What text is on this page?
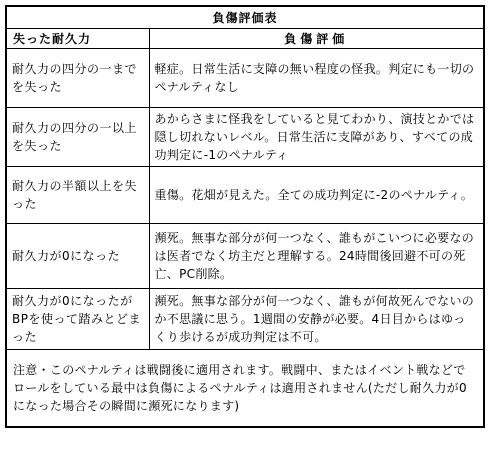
負傷評価表	
失った耐久力	負傷評価
耐久力の四分の一までを失った	軽症。日常生活に支障の無い程度の怪我。判定にも一切のペナルティなし
耐久力の四分の一以上を失った	あからさまに怪我をしていると見てわかり、演技とかでは隠し切れないレベル。日常生活に支障があり、すべての成功判定に-1のペナルティ
耐久力の半額以上を失った	重傷。花畑が見えた。全ての成功判定に-2のペナルティ。
耐久力が0になった	瀕死。無事な部分が何一つなく、誰もがこいつに必要なのは医者でなく坊主だと理解する。24時間後回避不可の死亡、PC削除。
耐久力が0になったがBPを使って踏みとどまった	瀕死。無事な部分が何一つなく、誰もが何故死んでないのか不思議に思う。1週間の安静が必要。4日目からはゆっくり歩けるが成功判定は不可。
注意・このペナルティは戦闘後に適用されます。戦闘中、またはイベント戦などでロールをしている最中は負傷によるペナルティは適用されません(ただし耐久力が0になった場合その瞬間に瀕死になります)	
